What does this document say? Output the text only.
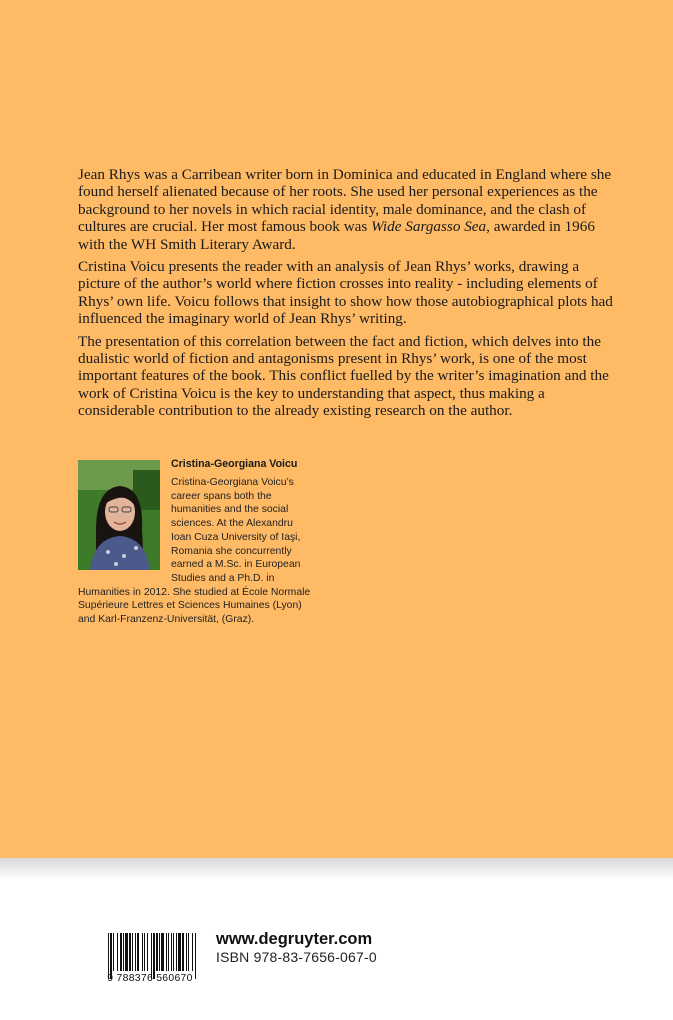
Jean Rhys was a Carribean writer born in Dominica and educated in England where she found herself alienated because of her roots. She used her personal experiences as the background to her novels in which racial identity, male dominance, and the clash of cultures are crucial. Her most famous book was Wide Sargasso Sea, awarded in 1966 with the WH Smith Literary Award.

Cristina Voicu presents the reader with an analysis of Jean Rhys’ works, drawing a picture of the author’s world where fiction crosses into reality - including elements of Rhys’ own life. Voicu follows that insight to show how those autobiographical plots had influenced the imaginary world of Jean Rhys’ writing.

The presentation of this correlation between the fact and fiction, which delves into the dualistic world of fiction and antagonisms present in Rhys’ work, is one of the most important features of the book. This conflict fuelled by the writer’s imagination and the work of Cristina Voicu is the key to understanding that aspect, thus making a considerable contribution to the already existing research on the author.

Cristina-Georgiana Voicu
Cristina-Georgiana Voicu’s
career spans both the
humanities and the social
sciences. At the Alexandru
Ioan Cuza University of Iaşi,
Romania she concurrently
earned a M.Sc. in European
Studies and a Ph.D. in
Humanities in 2012. She studied at École Normale
Supérieure Lettres et Sciences Humaines (Lyon)
and Karl-Franzenz-Universität, (Graz).
9 788376 560670
www.degruyter.com
ISBN 978-83-7656-067-0
